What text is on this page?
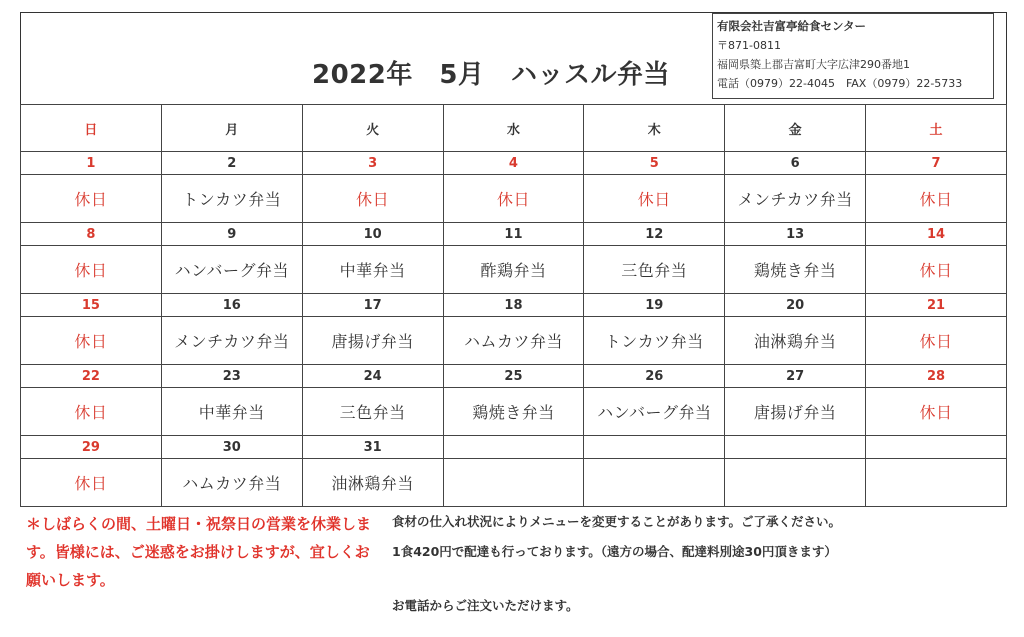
2022年　5月　ハッスル弁当
有限会社吉富亭給食センター
〒871-0811
福岡県築上郡吉富町大字広津290番地1
電話（0979）22-4045　FAX（0979）22-5733
日	月	火	水	木	金	土
1	2	3	4	5	6	7
休日	トンカツ弁当	休日	休日	休日	メンチカツ弁当	休日
8	9	10	11	12	13	14
休日	ハンバーグ弁当	中華弁当	酢鶏弁当	三色弁当	鶏焼き弁当	休日
15	16	17	18	19	20	21
休日	メンチカツ弁当	唐揚げ弁当	ハムカツ弁当	トンカツ弁当	油淋鶏弁当	休日
22	23	24	25	26	27	28
休日	中華弁当	三色弁当	鶏焼き弁当	ハンバーグ弁当	唐揚げ弁当	休日
29	30	31				
休日	ハムカツ弁当	油淋鶏弁当				
＊しばらくの間、土曜日・祝祭日の営業を休業します。皆様には、ご迷惑をお掛けしますが、宜しくお願いします。
食材の仕入れ状況によりメニューを変更することがあります。ご了承ください。
1食420円で配達も行っております。（遠方の場合、配達料別途30円頂きます）
お電話からご注文いただけます。
